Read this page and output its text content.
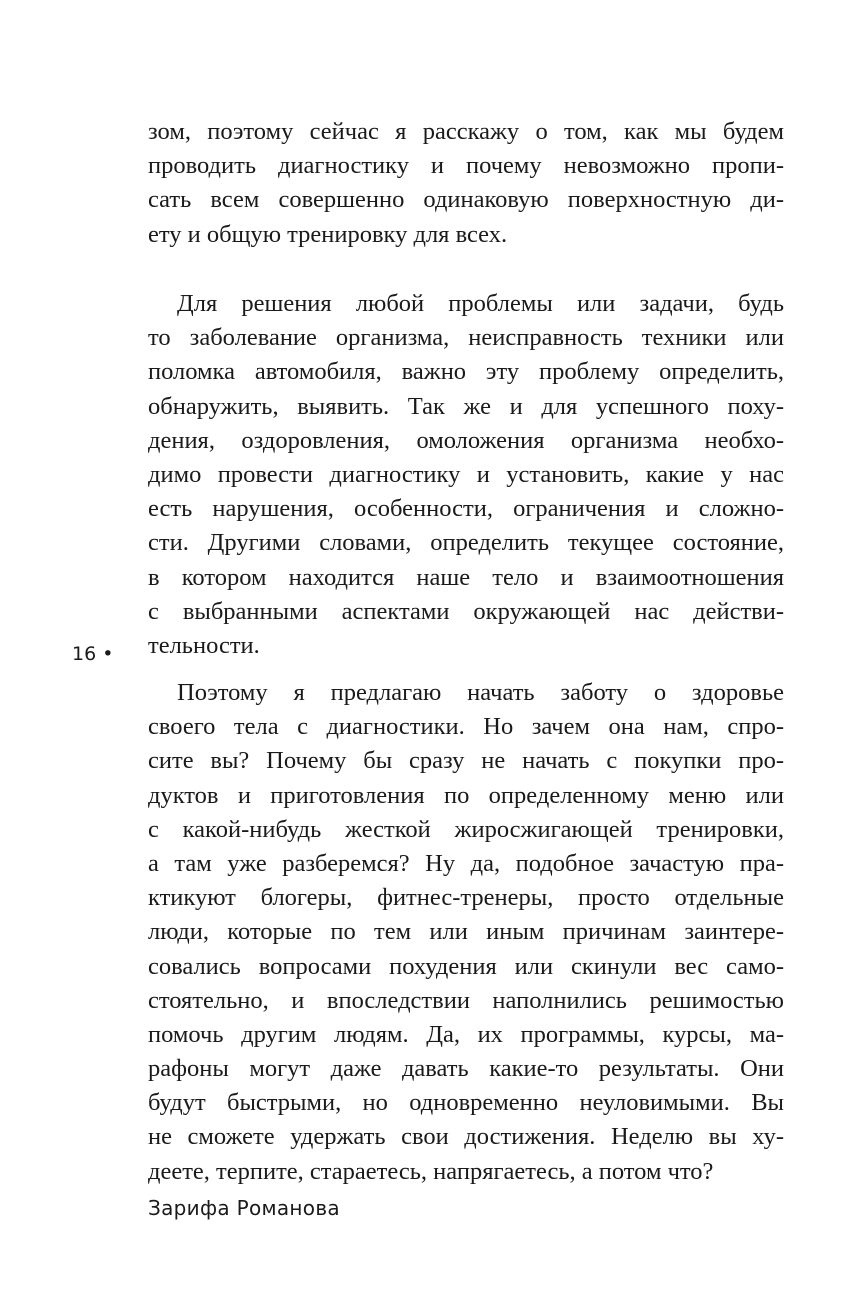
зом, поэтому сейчас я расскажу о том, как мы будем
проводить диагностику и почему невозможно пропи-
сать всем совершенно одинаковую поверхностную ди-
ету и общую тренировку для всех.
Для решения любой проблемы или задачи, будь
то заболевание организма, неисправность техники или
поломка автомобиля, важно эту проблему определить,
обнаружить, выявить. Так же и для успешного поху-
дения, оздоровления, омоложения организма необхо-
димо провести диагностику и установить, какие у нас
есть нарушения, особенности, ограничения и сложно-
сти. Другими словами, определить текущее состояние,
в котором находится наше тело и взаимоотношения
с выбранными аспектами окружающей нас действи-
тельности.
16 •
Поэтому я предлагаю начать заботу о здоровье
своего тела с диагностики. Но зачем она нам, спро-
сите вы? Почему бы сразу не начать с покупки про-
дуктов и приготовления по определенному меню или
с какой-нибудь жесткой жиросжигающей тренировки,
а там уже разберемся? Ну да, подобное зачастую пра-
ктикуют блогеры, фитнес-тренеры, просто отдельные
люди, которые по тем или иным причинам заинтере-
совались вопросами похудения или скинули вес само-
стоятельно, и впоследствии наполнились решимостью
помочь другим людям. Да, их программы, курсы, ма-
рафоны могут даже давать какие-то результаты. Они
будут быстрыми, но одновременно неуловимыми. Вы
не сможете удержать свои достижения. Неделю вы ху-
деете, терпите, стараетесь, напрягаетесь, а потом что?
Зарифа Романова
